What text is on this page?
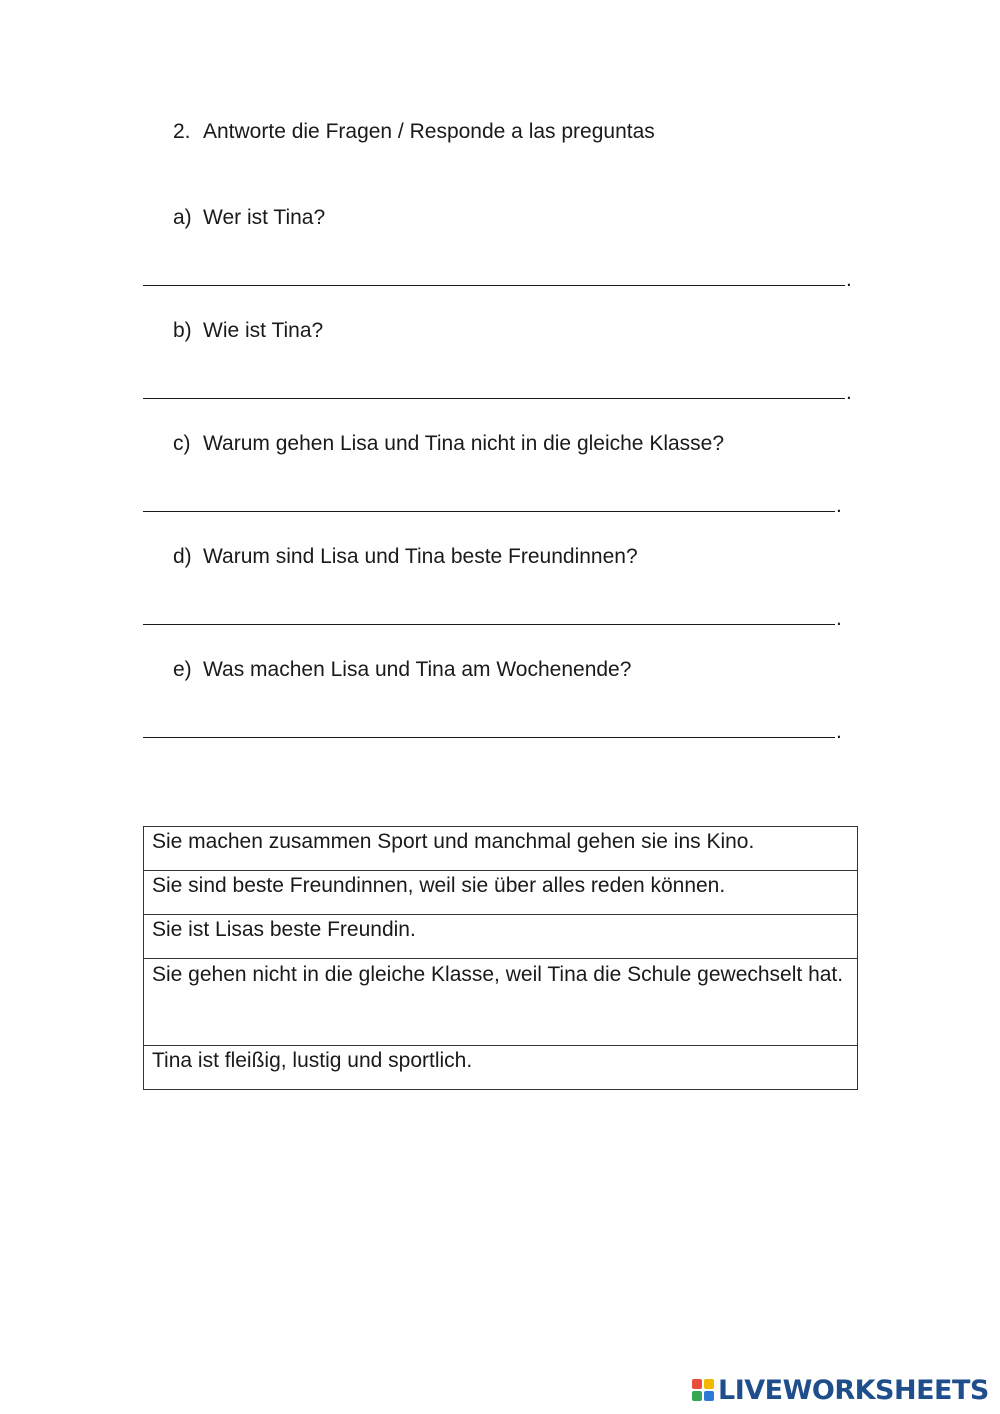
2. Antworte die Fragen / Responde a las preguntas
a) Wer ist Tina?
.
b) Wie ist Tina?
.
c) Warum gehen Lisa und Tina nicht in die gleiche Klasse?
.
d) Warum sind Lisa und Tina beste Freundinnen?
.
e) Was machen Lisa und Tina am Wochenende?
.
Sie machen zusammen Sport und manchmal gehen sie ins Kino.

Sie sind beste Freundinnen, weil sie über alles reden können.

Sie ist Lisas beste Freundin.

Sie gehen nicht in die gleiche Klasse, weil Tina die Schule gewechselt hat.

Tina ist fleißig, lustig und sportlich.
LIVEWORKSHEETS
